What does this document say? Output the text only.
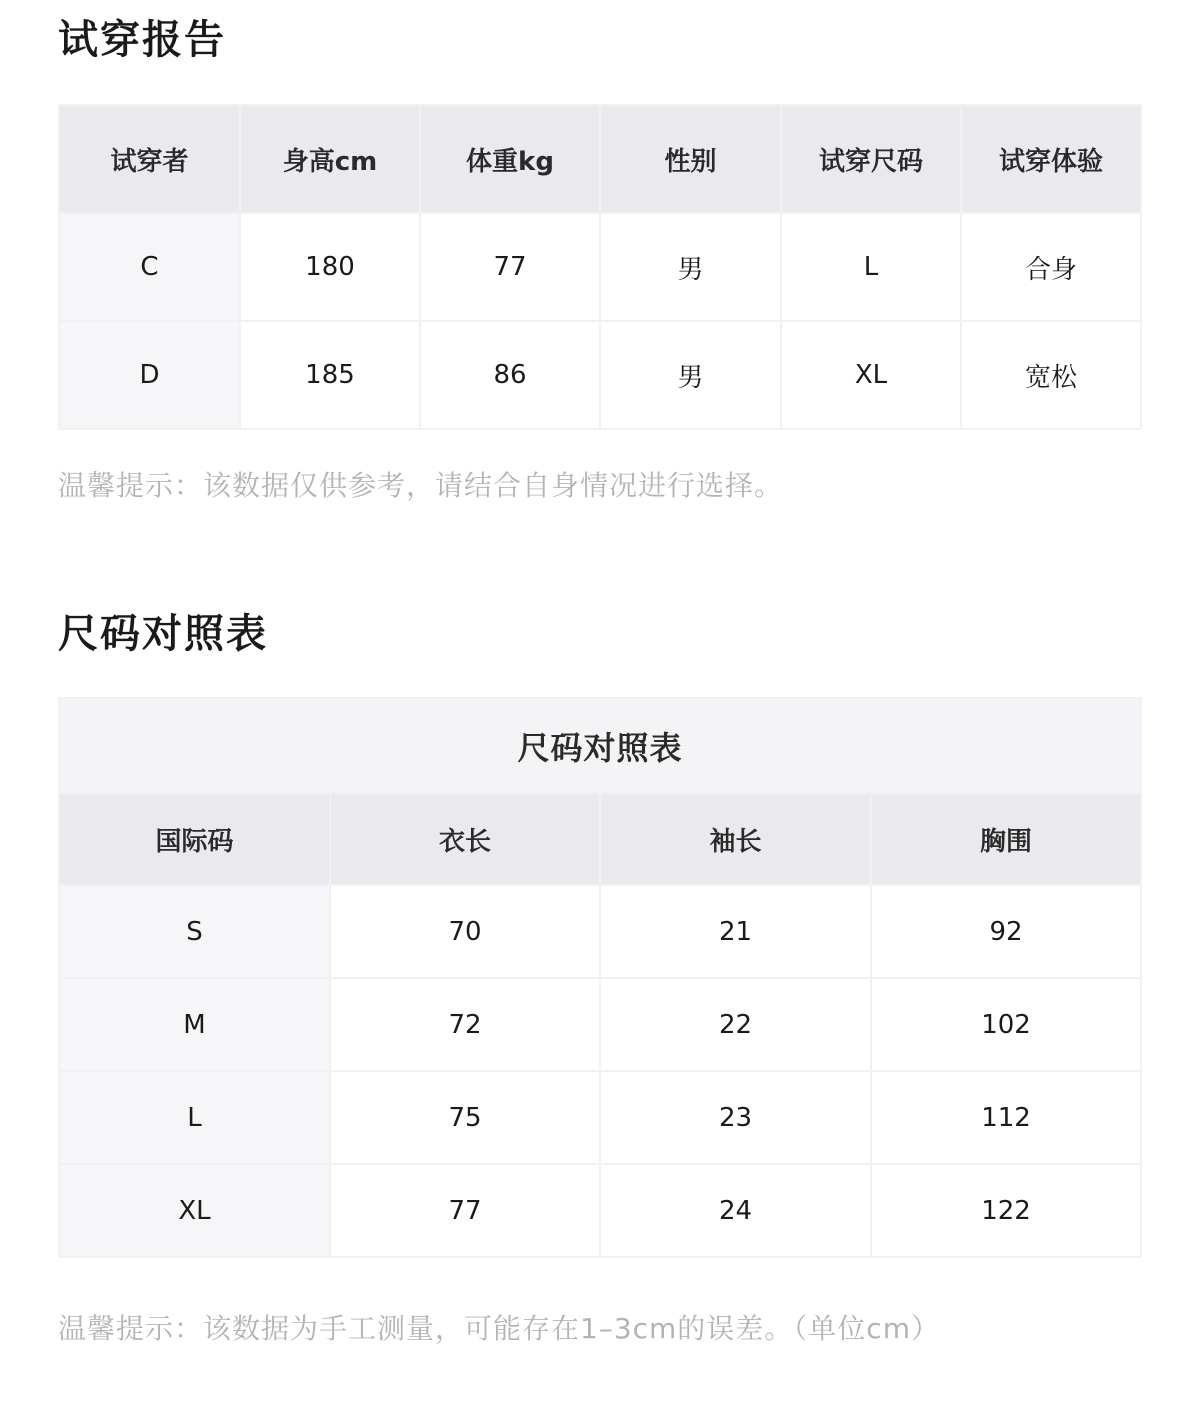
试穿报告
试穿者	身高cm	体重kg	性别	试穿尺码	试穿体验
C	180	77	男	L	合身
D	185	86	男	XL	宽松

温馨提示：该数据仅供参考，请结合自身情况进行选择。

尺码对照表
尺码对照表			
国际码	衣长	袖长	胸围
S	70	21	92
M	72	22	102
L	75	23	112
XL	77	24	122

温馨提示：该数据为手工测量，可能存在1–3cm的误差。（单位cm）
